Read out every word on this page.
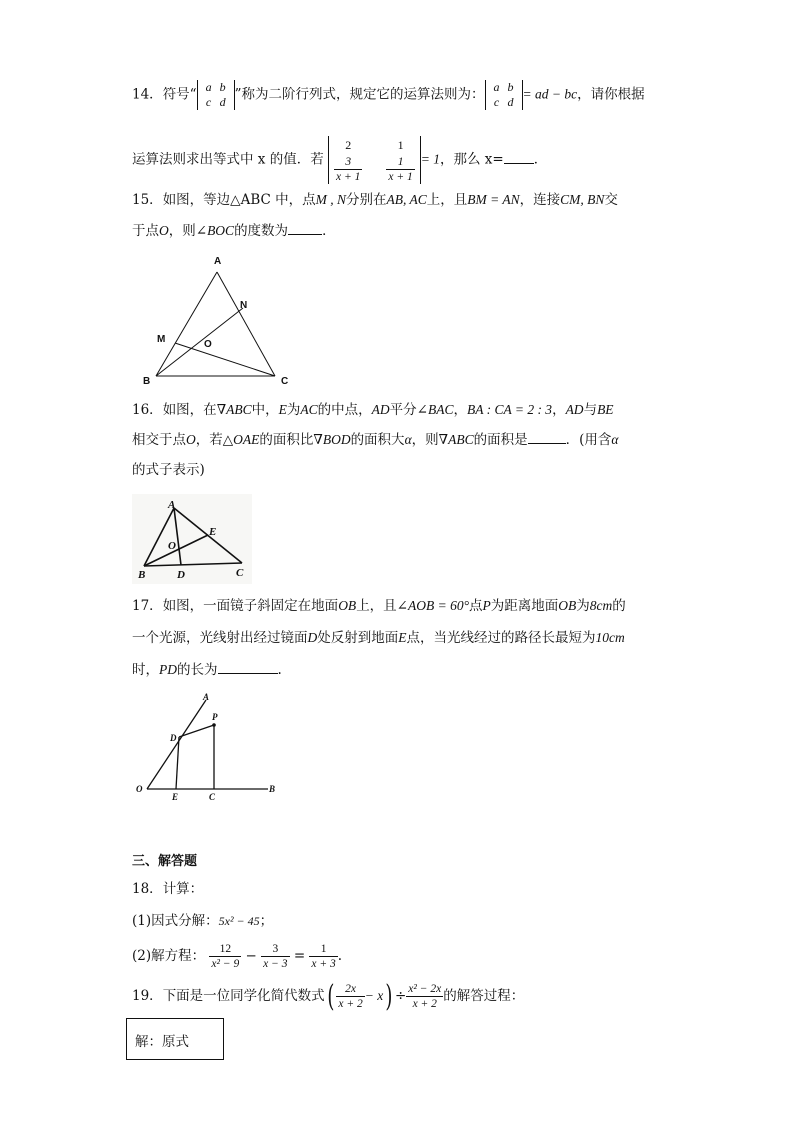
14．符号“ a	b
c	d ”称为二阶行列式，规定它的运算法则为： a	b
c	d
= ad − bc，请你根据
运算法则求出等式中 x 的值．若
2	1

$\frac{3}{x + 1}$	$\frac{1}{x + 1} = 1$，那么 x= ．
15．如图，等边△ABC 中，点M , N分别在AB, AC上，且BM = AN，连接CM, BN交
于点O，则∠BOC的度数为	．
A
B	C
M
N
O
16．如图，在∇ABC中，E为AC的中点，AD平分∠BAC，BA : CA = 2 : 3，AD与BE
相交于点O，若△OAE的面积比∇BOD的面积大α，则∇ABC的面积是	．(用含α
的式子表示)
A
B	C
D
E
O
17．如图，一面镜子斜固定在地面OB上，且∠AOB = 60°点P为距离地面OB为8cm的
一个光源，光线射出经过镜面D处反射到地面E点，当光线经过的路径长最短为10cm
时，PD的长为	.
A
P
D
O
E	C
B
三、解答题
18．计算：
(1)因式分解：5x² − 45；
(2)解方程： $\frac{12}{\text{x² − 9}} - \frac{3}{x - 3} = \frac{1}{x + 3}$ .
19．下面是一位同学化简代数式( $\frac{2x}{x + 2} - x) \div \frac{\text{x² − 2x}}{x + 2}$ 的解答过程：
解：原式
